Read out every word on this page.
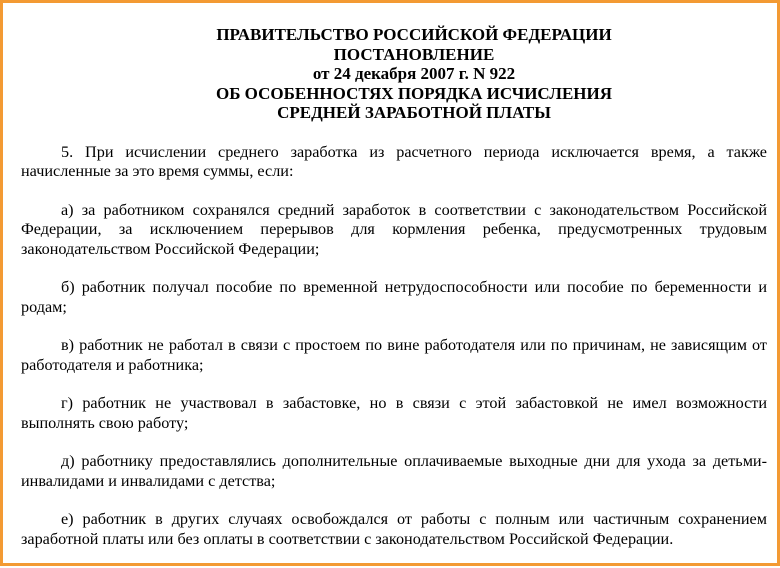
ПРАВИТЕЛЬСТВО РОССИЙСКОЙ ФЕДЕРАЦИИ
ПОСТАНОВЛЕНИЕ
от 24 декабря 2007 г. N 922
ОБ ОСОБЕННОСТЯХ ПОРЯДКА ИСЧИСЛЕНИЯ
СРЕДНЕЙ ЗАРАБОТНОЙ ПЛАТЫ

5. При исчислении среднего заработка из расчетного периода исключается время, а также начисленные за это время суммы, если:

а) за работником сохранялся средний заработок в соответствии с законодательством Российской Федерации, за исключением перерывов для кормления ребенка, предусмотренных трудовым законодательством Российской Федерации;

б) работник получал пособие по временной нетрудоспособности или пособие по беременности и родам;

в) работник не работал в связи с простоем по вине работодателя или по причинам, не зависящим от работодателя и работника;

г) работник не участвовал в забастовке, но в связи с этой забастовкой не имел возможности выполнять свою работу;

д) работнику предоставлялись дополнительные оплачиваемые выходные дни для ухода за детьми-инвалидами и инвалидами с детства;

е) работник в других случаях освобождался от работы с полным или частичным сохранением заработной платы или без оплаты в соответствии с законодательством Российской Федерации.
